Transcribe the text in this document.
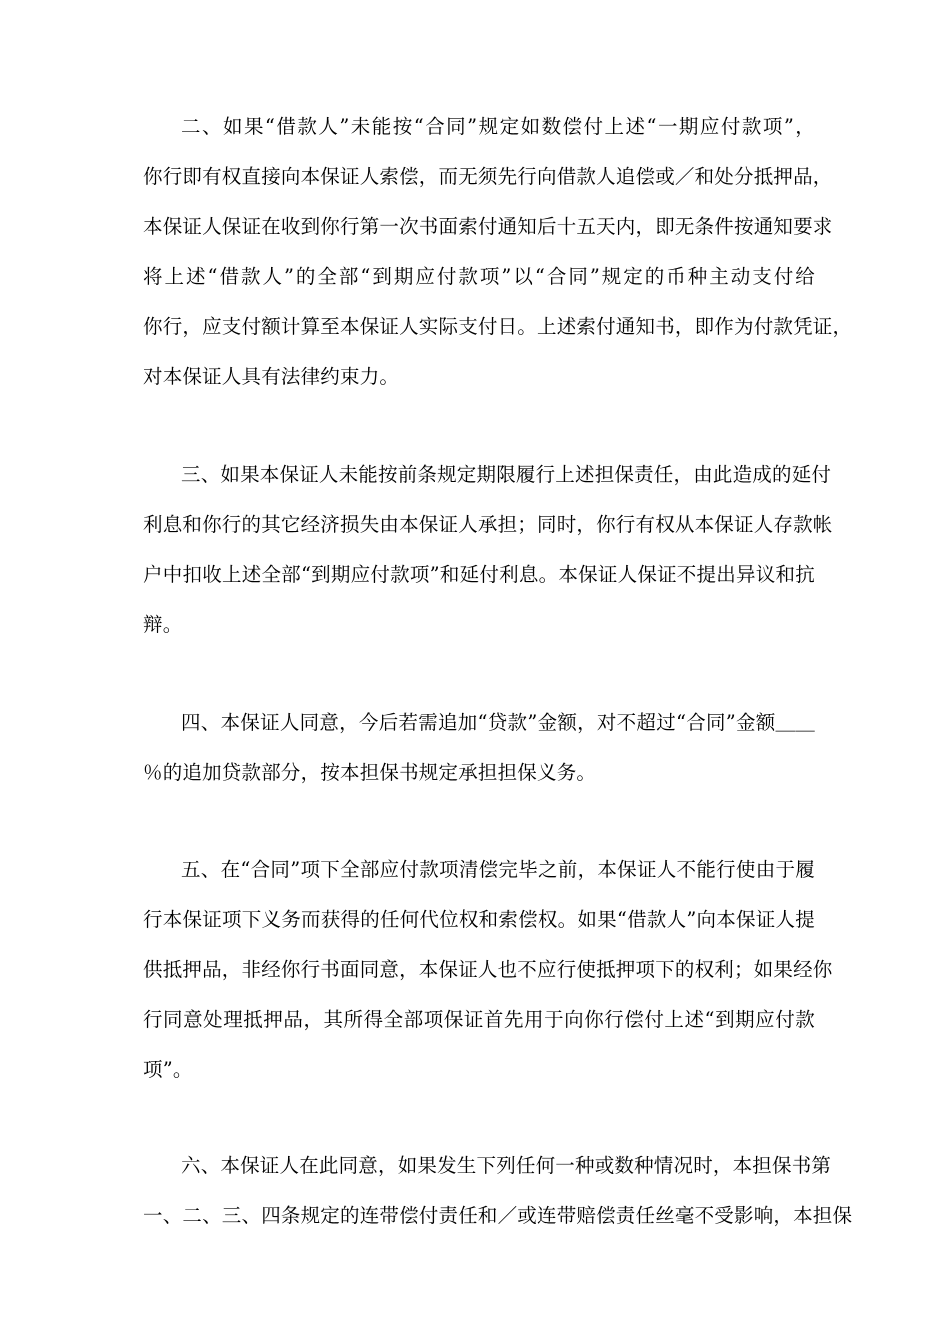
二、如果“借款人”未能按“合同”规定如数偿付上述“一期应付款项”，
你行即有权直接向本保证人索偿，而无须先行向借款人追偿或／和处分抵押品，
本保证人保证在收到你行第一次书面索付通知后十五天内，即无条件按通知要求
将上述“借款人”的全部“到期应付款项”以“合同”规定的币种主动支付给
你行，应支付额计算至本保证人实际支付日。上述索付通知书，即作为付款凭证，
对本保证人具有法律约束力。
三、如果本保证人未能按前条规定期限履行上述担保责任，由此造成的延付
利息和你行的其它经济损失由本保证人承担；同时，你行有权从本保证人存款帐
户中扣收上述全部“到期应付款项”和延付利息。本保证人保证不提出异议和抗
辩。
四、本保证人同意，今后若需追加“贷款”金额，对不超过“合同”金额＿＿
％的追加贷款部分，按本担保书规定承担担保义务。
五、在“合同”项下全部应付款项清偿完毕之前，本保证人不能行使由于履
行本保证项下义务而获得的任何代位权和索偿权。如果“借款人”向本保证人提
供抵押品，非经你行书面同意，本保证人也不应行使抵押项下的权利；如果经你
行同意处理抵押品，其所得全部项保证首先用于向你行偿付上述“到期应付款
项”。
六、本保证人在此同意，如果发生下列任何一种或数种情况时，本担保书第
一、二、三、四条规定的连带偿付责任和／或连带赔偿责任丝毫不受影响，本担保
